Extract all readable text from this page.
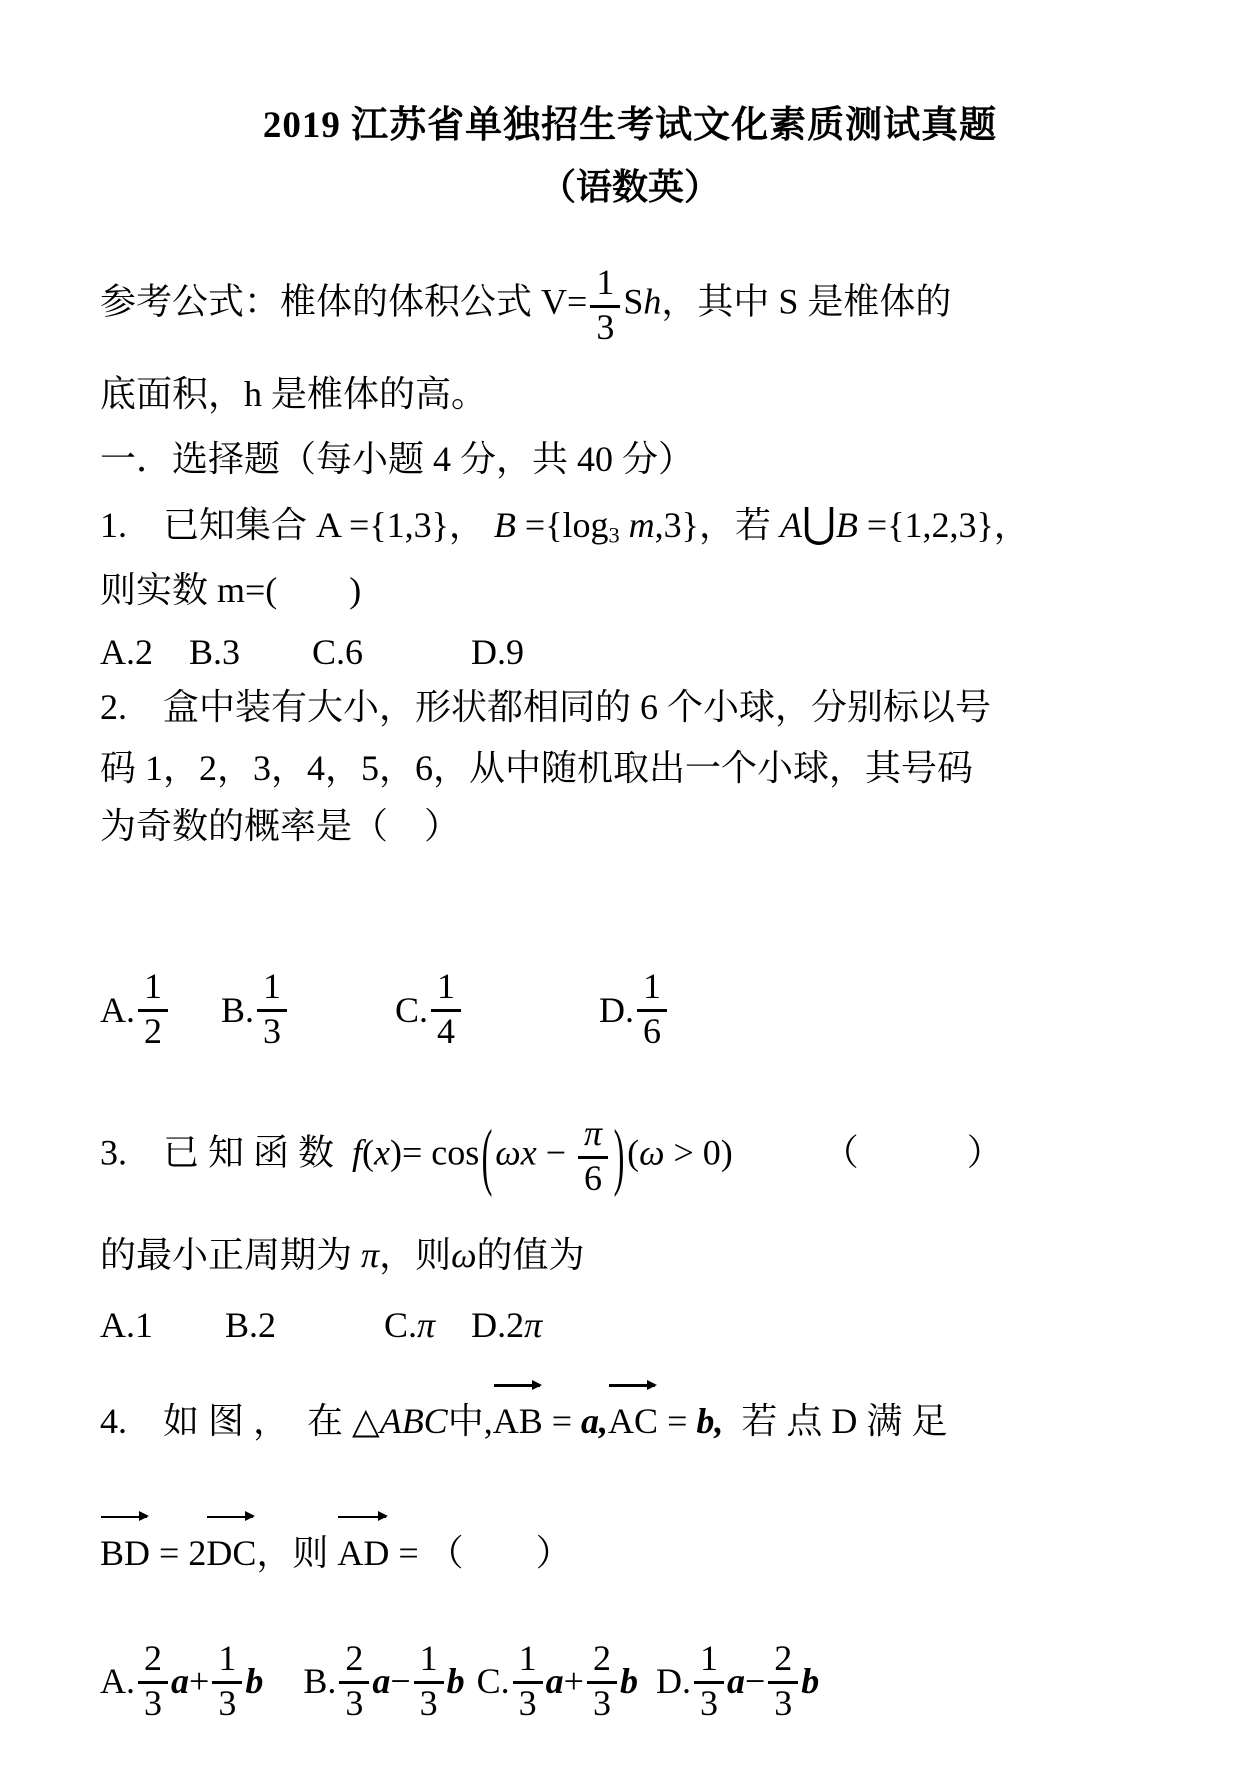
2019 江苏省单独招生考试文化素质测试真题
（语数英）
参考公式：椎体的体积公式 $V= \frac{1}{3}$ Sh，其中 S 是椎体的
底面积，h 是椎体的高。
一．选择题（每小题 4 分，共 40 分）
1.　已知集合 A ={1,3}， $B =\{\log_3$ m,3}，若 A⋃B ={1,2,3}，
则实数 m=(　　)
A.2　B.3　　C.6　　　D.9
2.　盒中装有大小，形状都相同的 6 个小球，分别标以号
码 1，2，3，4，5，6，从中随机取出一个小球，其号码
为奇数的概率是（　）
A. $\frac{1}{2} B$. $\frac{1}{3}$	C. $\frac{1}{4}$	D. $\frac{1}{6}$
3.　已 知 函 数  $f(x)= \cos(\omega x - \frac{\pi}{6} )(\omega > 0)$　　　（　　　）
的最小正周期为 π，则ω的值为
A.1　　B.2　　　C.π　D.2π
4.　如 图 ，  在 △ABC中,
AB = a,
AC = b,  若 点 D 满 足
BD = 2
DC，则
AD = （　　）
A. $\frac{2}{3}$ $a + \frac{1}{3}$ b B. $\frac{2}{3}$ $a - \frac{1}{3}$ b C. $\frac{1}{3}$ $a + \frac{2}{3}$ b D. $\frac{1}{3}$ $a - \frac{2}{3}$ b
